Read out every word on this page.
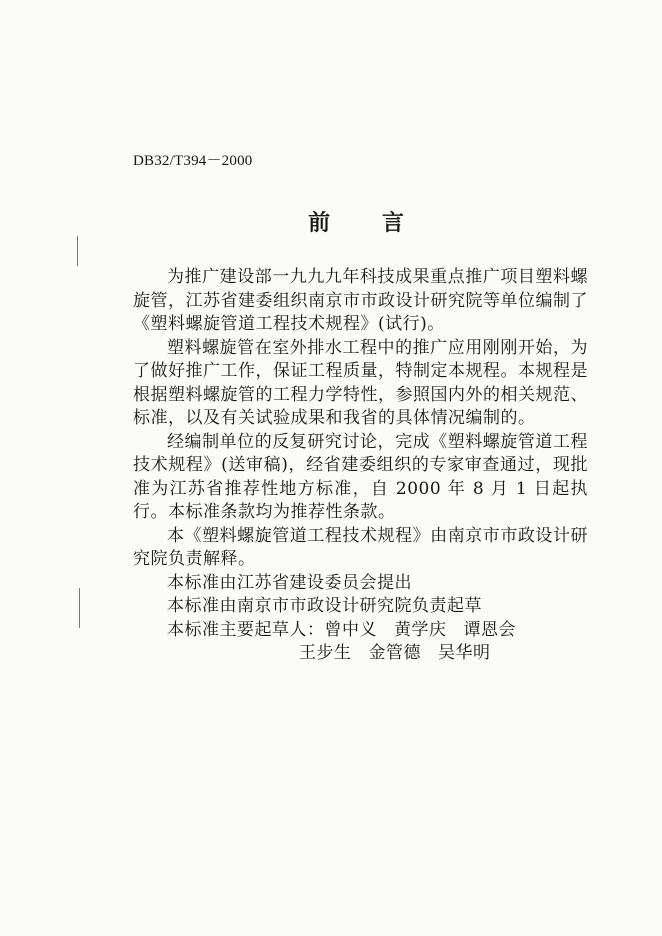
DB32/T394－2000
前 言

为推广建设部一九九九年科技成果重点推广项目塑料螺旋管，江苏省建委组织南京市市政设计研究院等单位编制了《塑料螺旋管道工程技术规程》(试行)。

塑料螺旋管在室外排水工程中的推广应用刚刚开始，为了做好推广工作，保证工程质量，特制定本规程。本规程是根据塑料螺旋管的工程力学特性，参照国内外的相关规范、标准，以及有关试验成果和我省的具体情况编制的。

经编制单位的反复研究讨论，完成《塑料螺旋管道工程技术规程》(送审稿)，经省建委组织的专家审查通过，现批准为江苏省推荐性地方标准，自 2000 年 8 月 1 日起执行。本标准条款均为推荐性条款。

本《塑料螺旋管道工程技术规程》由南京市市政设计研究院负责解释。

本标准由江苏省建设委员会提出

本标准由南京市市政设计研究院负责起草

本标准主要起草人：曾中义 黄学庆 谭恩会

王步生 金管德 吴华明
